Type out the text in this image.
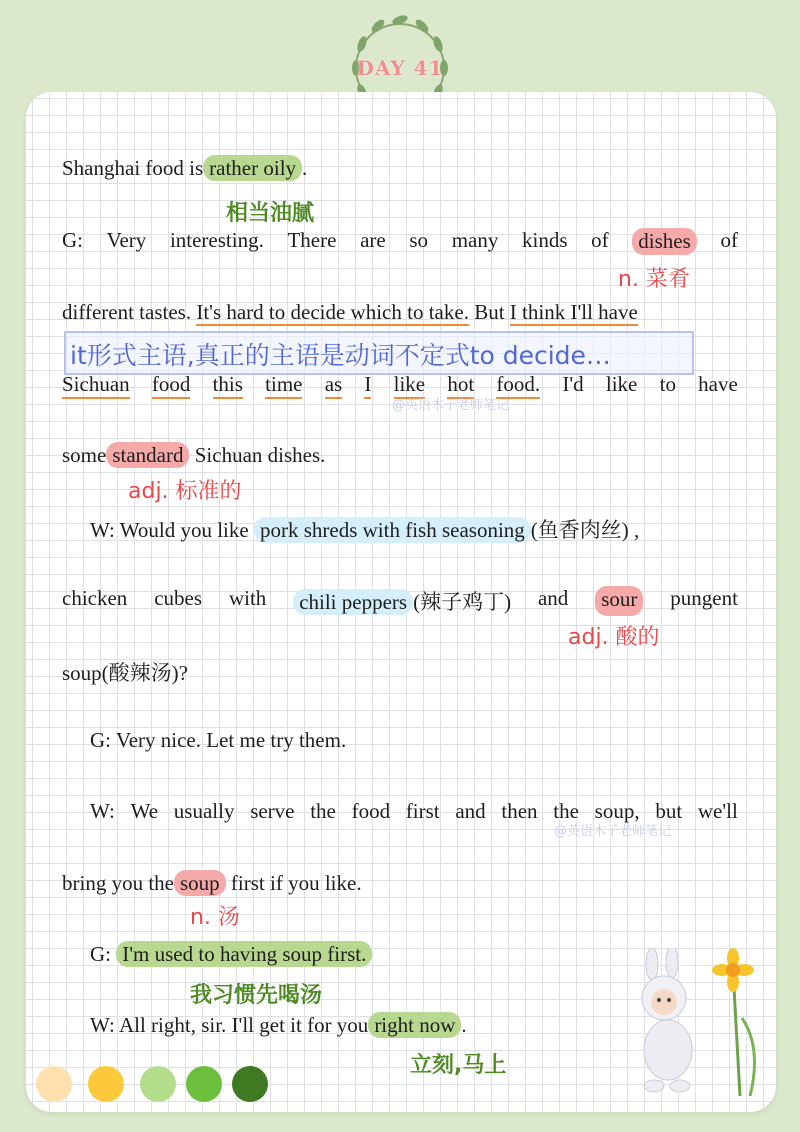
DAY 41
Shanghai food is rather oily .
相当油腻
G: Very interesting. There are so many kinds of dishes of
n. 菜肴
different tastes. It's hard to decide which to take. But I think I'll have
it形式主语,真正的主语是动词不定式to decide…
Sichuan food this time as I like hot food. I'd like to have
@英语木子老师笔记
some standard Sichuan dishes.
adj. 标准的
W: Would you like pork shreds with fish seasoning (鱼香肉丝) ,
chicken cubes with chili peppers (辣子鸡丁) and sour pungent
adj. 酸的
soup(酸辣汤)?
G: Very nice. Let me try them.
W: We usually serve the food first and then the soup, but we'll
@英语木子老师笔记
bring you the soup first if you like.
n. 汤
G: I'm used to having soup first.
我习惯先喝汤
W: All right, sir. I'll get it for you right now .
立刻,马上
